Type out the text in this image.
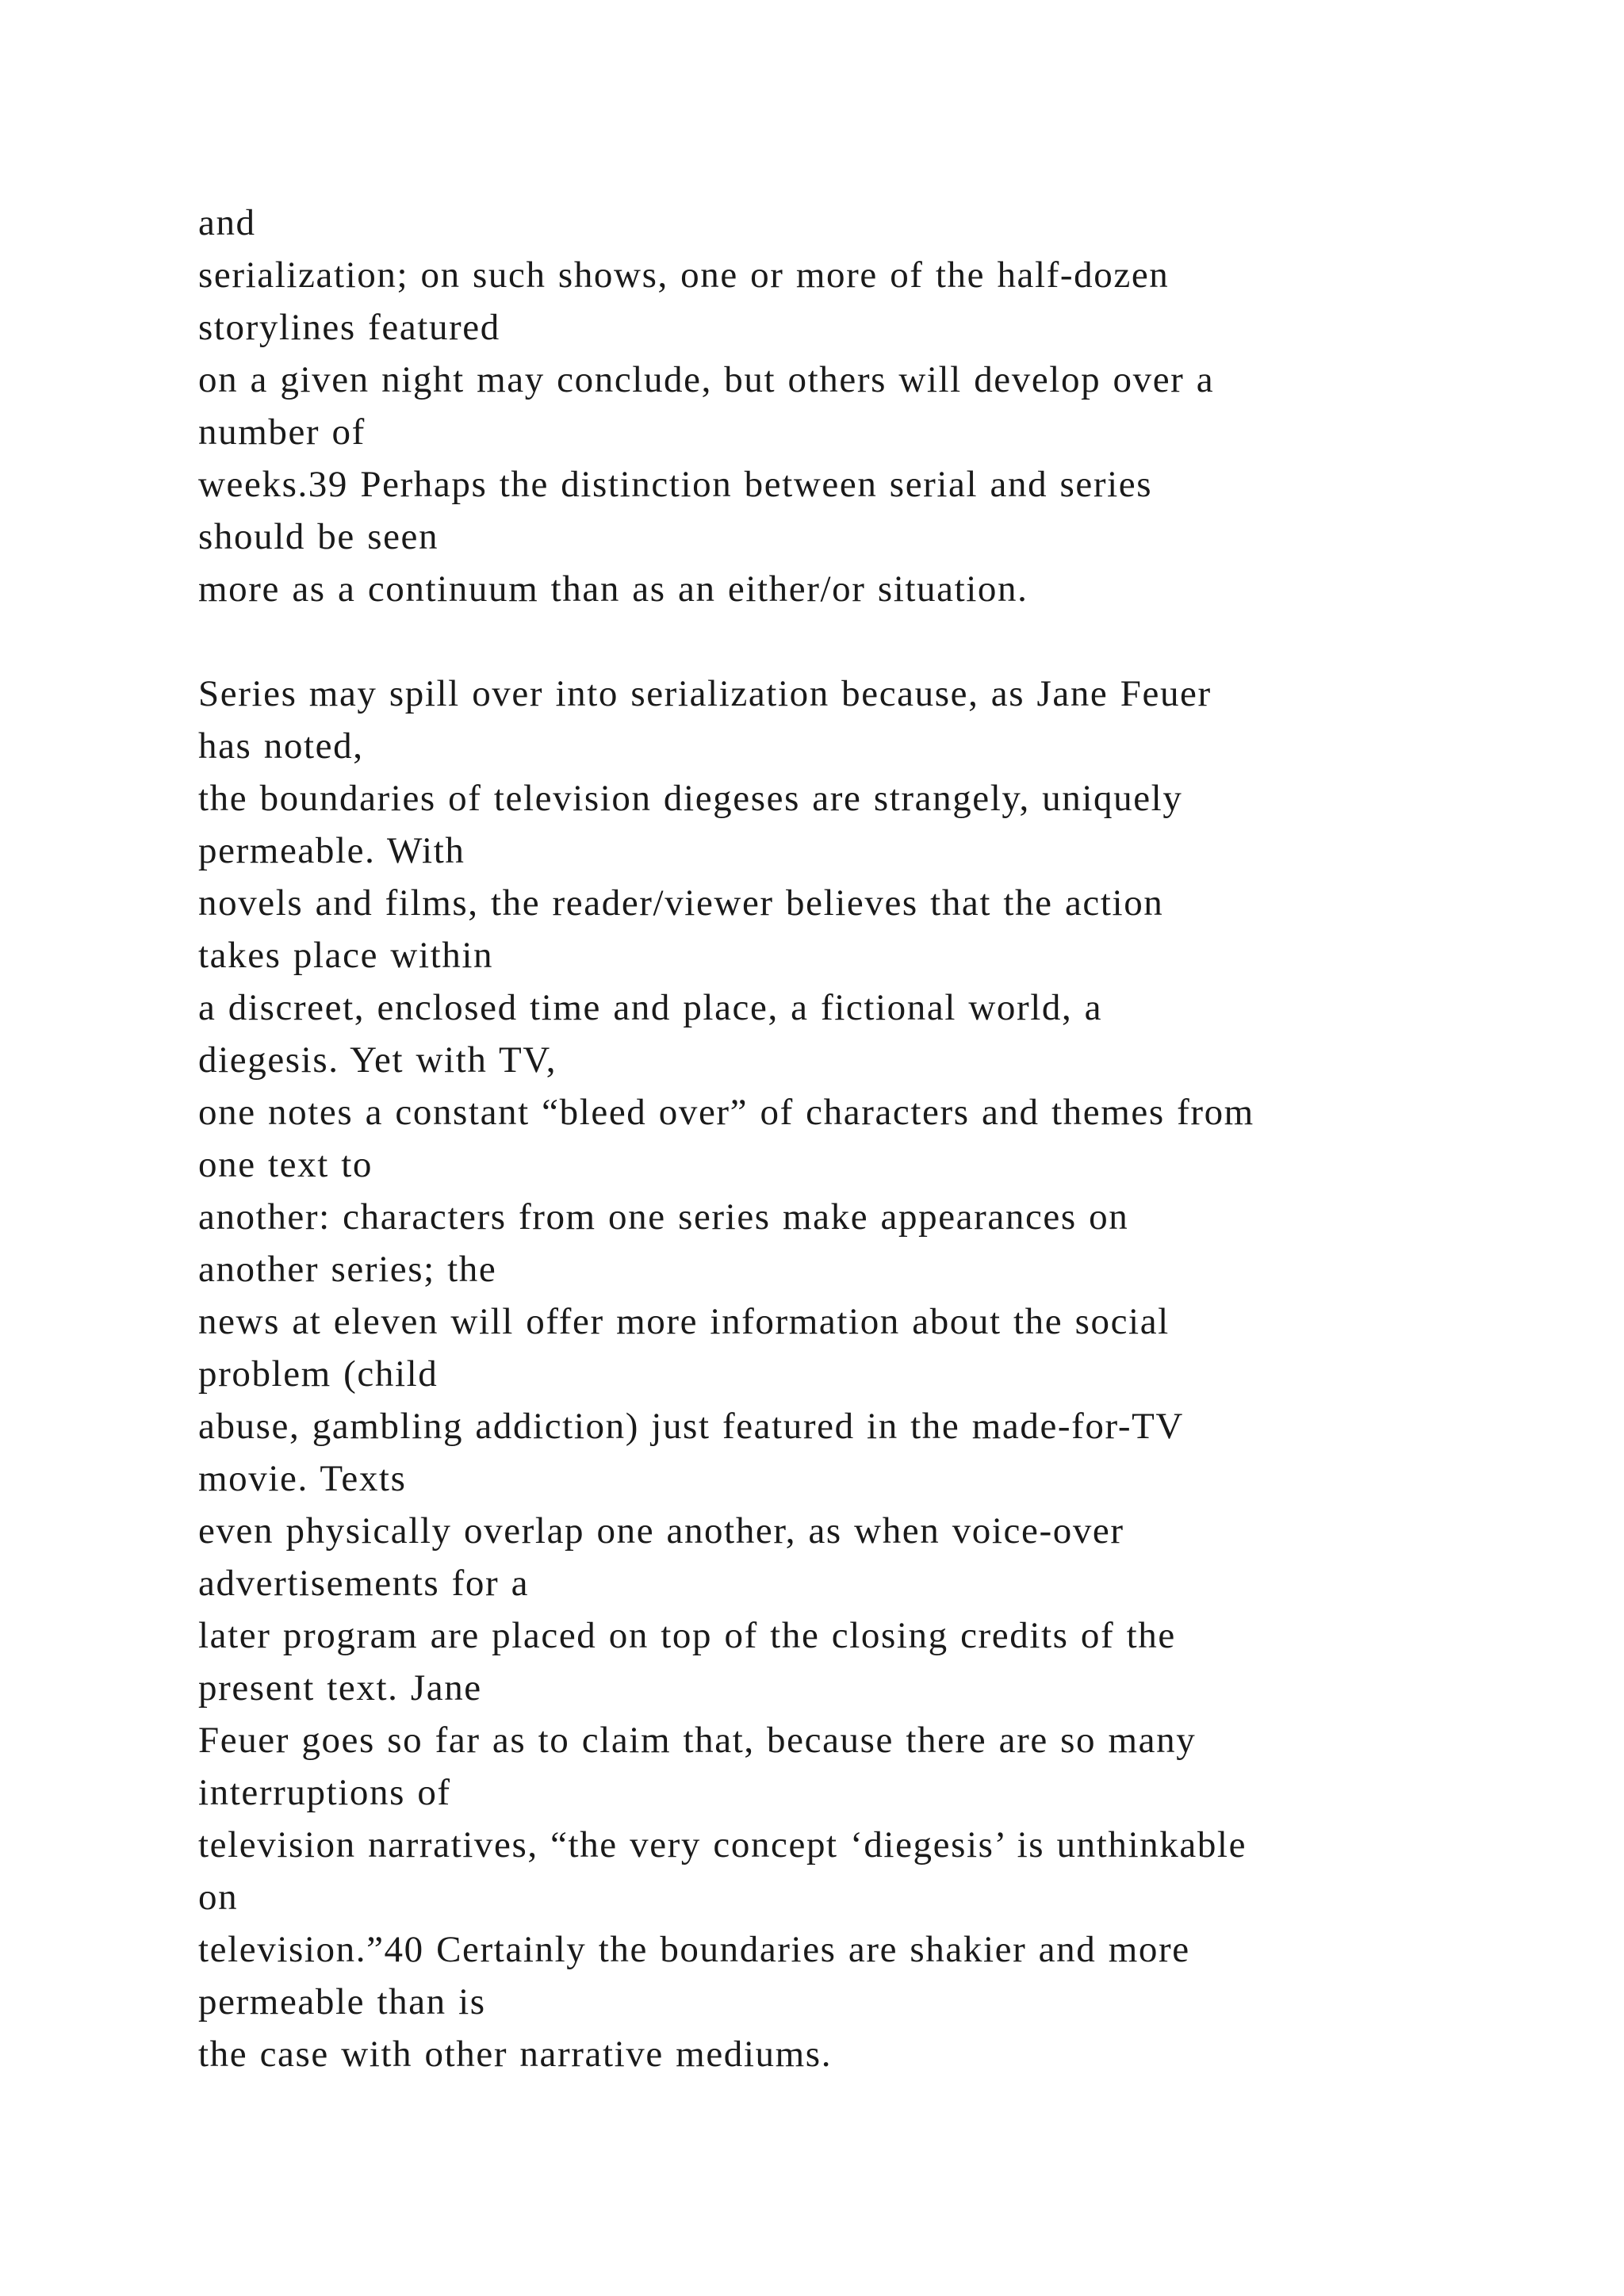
and
serialization; on such shows, one or more of the half-dozen
storylines featured
on a given night may conclude, but others will develop over a
number of
weeks.39 Perhaps the distinction between serial and series
should be seen
more as a continuum than as an either/or situation.
Series may spill over into serialization because, as Jane Feuer
has noted,
the boundaries of television diegeses are strangely, uniquely
permeable. With
novels and films, the reader/viewer believes that the action
takes place within
a discreet, enclosed time and place, a fictional world, a
diegesis. Yet with TV,
one notes a constant “bleed over” of characters and themes from
one text to
another: characters from one series make appearances on
another series; the
news at eleven will offer more information about the social
problem (child
abuse, gambling addiction) just featured in the made-for-TV
movie. Texts
even physically overlap one another, as when voice-over
advertisements for a
later program are placed on top of the closing credits of the
present text. Jane
Feuer goes so far as to claim that, because there are so many
interruptions of
television narratives, “the very concept ‘diegesis’ is unthinkable
on
television.”40 Certainly the boundaries are shakier and more
permeable than is
the case with other narrative mediums.
